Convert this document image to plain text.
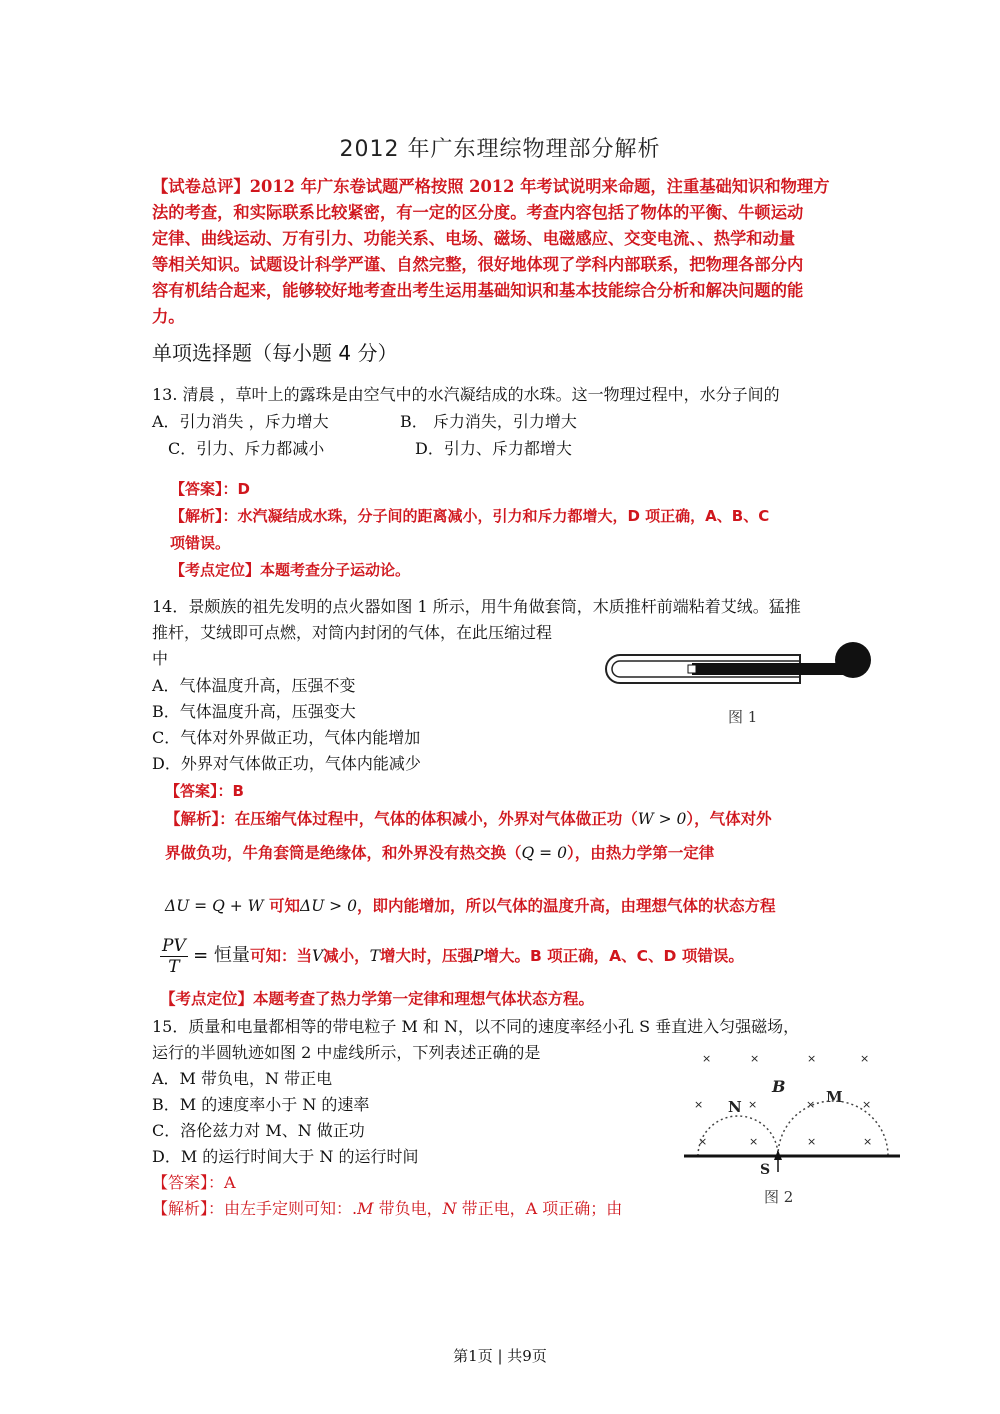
2012 年广东理综物理部分解析
【试卷总评】2012 年广东卷试题严格按照 2012 年考试说明来命题，注重基础知识和物理方
法的考查，和实际联系比较紧密，有一定的区分度。考查内容包括了物体的平衡、牛顿运动
定律、曲线运动、万有引力、功能关系、电场、磁场、电磁感应、交变电流、、热学和动量
等相关知识。试题设计科学严谨、自然完整，很好地体现了学科内部联系，把物理各部分内
容有机结合起来，能够较好地考查出考生运用基础知识和基本技能综合分析和解决问题的能
力。
单项选择题（每小题 4 分）
13. 清晨 ，草叶上的露珠是由空气中的水汽凝结成的水珠。这一物理过程中，水分子间的
A．引力消失 ，斥力增大	B． 斥力消失，引力增大
C．引力、斥力都减小	D．引力、斥力都增大
【答案】：D
【解析】：水汽凝结成水珠，分子间的距离减小，引力和斥力都增大，D 项正确，A、B、C
项错误。
【考点定位】本题考查分子运动论。
14．景颇族的祖先发明的点火器如图 1 所示，用牛角做套筒，木质推杆前端粘着艾绒。猛推
推杆，艾绒即可点燃，对筒内封闭的气体，在此压缩过程
中
A．气体温度升高，压强不变
B．气体温度升高，压强变大
C．气体对外界做正功，气体内能增加
D．外界对气体做正功，气体内能减少
图 1
【答案】：B
【解析】：在压缩气体过程中，气体的体积减小，外界对气体做正功（W > 0），气体对外
界做负功，牛角套筒是绝缘体，和外界没有热交换（Q = 0），由热力学第一定律
ΔU = Q + W 可知ΔU > 0，即内能增加，所以气体的温度升高，由理想气体的状态方程
$\frac{PV}{T}$ = 恒量可知：当V减小，T增大时，压强P增大。B 项正确，A、C、D 项错误。
【考点定位】本题考查了热力学第一定律和理想气体状态方程。
15．质量和电量都相等的带电粒子 M 和 N，以不同的速度率经小孔 S 垂直进入匀强磁场，
运行的半圆轨迹如图 2 中虚线所示，下列表述正确的是
A．M 带负电，N 带正电
B．M 的速度率小于 N 的速率
C．洛伦兹力对 M、N 做正功
D．M 的运行时间大于 N 的运行时间
【答案】：A
【解析】：由左手定则可知：.M 带负电，N 带正电，A 项正确；由
×	×	×	×
×	×	×	×
×	×	×	×
B
N
M
S
图 2
第1页 | 共9页
